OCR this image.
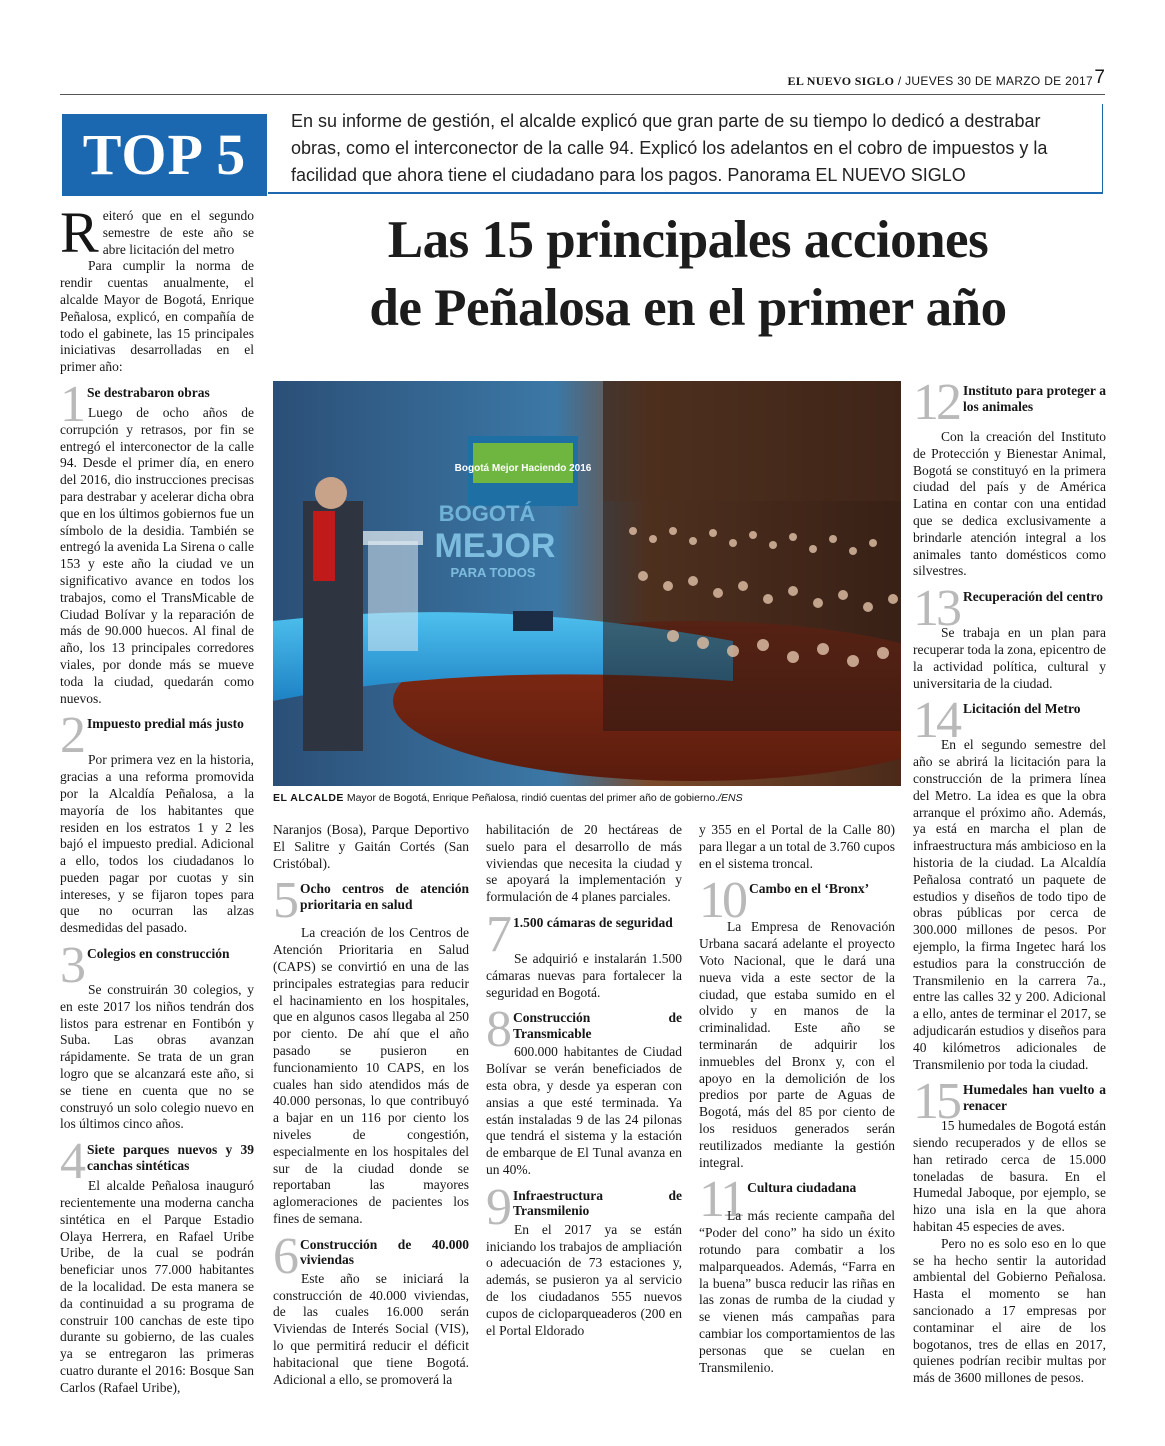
EL NUEVO SIGLO / JUEVES 30 DE MARZO DE 2017 7
TOP 5
En su informe de gestión, el alcalde explicó que gran parte de su tiempo lo dedicó a destrabar obras, como el interconector de la calle 94. Explicó los adelantos en el cobro de impuestos y la facilidad que ahora tiene el ciudadano para los pagos. Panorama EL NUEVO SIGLO
Las 15 principales acciones
de Peñalosa en el primer año

Reiteró que en el segundo semestre de este año se abre licitación del metro

Para cumplir la norma de rendir cuentas anualmente, el alcalde Mayor de Bogotá, Enrique Peñalosa, explicó, en compañía de todo el gabinete, las 15 principales iniciativas desarrolladas en el primer año:

1 Se destrabaron obras

Luego de ocho años de corrupción y retrasos, por fin se entregó el interconector de la calle 94. Desde el primer día, en enero del 2016, dio instrucciones precisas para destrabar y acelerar dicha obra que en los últimos gobiernos fue un símbolo de la desidia. También se entregó la avenida La Sirena o calle 153 y este año la ciudad ve un significativo avance en todos los trabajos, como el TransMicable de Ciudad Bolívar y la reparación de más de 90.000 huecos. Al final de año, los 13 principales corredores viales, por donde más se mueve toda la ciudad, quedarán como nuevos.

2 Impuesto predial más justo

Por primera vez en la historia, gracias a una reforma promovida por la Alcaldía Peñalosa, a la mayoría de los habitantes que residen en los estratos 1 y 2 les bajó el impuesto predial. Adicional a ello, todos los ciudadanos lo pueden pagar por cuotas y sin intereses, y se fijaron topes para que no ocurran las alzas desmedidas del pasado.

3 Colegios en construcción

Se construirán 30 colegios, y en este 2017 los niños tendrán dos listos para estrenar en Fontibón y Suba. Las obras avanzan rápidamente. Se trata de un gran logro que se alcanzará este año, si se tiene en cuenta que no se construyó un solo colegio nuevo en los últimos cinco años.

4 Siete parques nuevos y 39 canchas sintéticas

El alcalde Peñalosa inauguró recientemente una moderna cancha sintética en el Parque Estadio Olaya Herrera, en Rafael Uribe Uribe, de la cual se podrán beneficiar unos 77.000 habitantes de la localidad. De esta manera se da continuidad a su programa de construir 100 canchas de este tipo durante su gobierno, de las cuales ya se entregaron las primeras cuatro durante el 2016: Bosque San Carlos (Rafael Uribe),

Bogotá Mejor Haciendo 2016
BOGOTÁ
MEJOR
PARA TODOS
EL ALCALDE Mayor de Bogotá, Enrique Peñalosa, rindió cuentas del primer año de gobierno./ENS

Naranjos (Bosa), Parque Deportivo El Salitre y Gaitán Cortés (San Cristóbal).

5 Ocho centros de atención prioritaria en salud

La creación de los Centros de Atención Prioritaria en Salud (CAPS) se convirtió en una de las principales estrategias para reducir el hacinamiento en los hospitales, que en algunos casos llegaba al 250 por ciento. De ahí que el año pasado se pusieron en funcionamiento 10 CAPS, en los cuales han sido atendidos más de 40.000 personas, lo que contribuyó a bajar en un 116 por ciento los niveles de congestión, especialmente en los hospitales del sur de la ciudad donde se reportaban las mayores aglomeraciones de pacientes los fines de semana.

6 Construcción de 40.000 viviendas

Este año se iniciará la construcción de 40.000 viviendas, de las cuales 16.000 serán Viviendas de Interés Social (VIS), lo que permitirá reducir el déficit habitacional que tiene Bogotá. Adicional a ello, se promoverá la

habilitación de 20 hectáreas de suelo para el desarrollo de más viviendas que necesita la ciudad y se apoyará la implementación y formulación de 4 planes parciales.

7 1.500 cámaras de seguridad

Se adquirió e instalarán 1.500 cámaras nuevas para fortalecer la seguridad en Bogotá.

8 Construcción de Transmicable

600.000 habitantes de Ciudad Bolívar se verán beneficiados de esta obra, y desde ya esperan con ansias a que esté terminada. Ya están instaladas 9 de las 24 pilonas que tendrá el sistema y la estación de embarque de El Tunal avanza en un 40%.

9 Infraestructura de Transmilenio

En el 2017 ya se están iniciando los trabajos de ampliación o adecuación de 73 estaciones y, además, se pusieron ya al servicio de los ciudadanos 555 nuevos cupos de cicloparqueaderos (200 en el Portal Eldorado

y 355 en el Portal de la Calle 80) para llegar a un total de 3.760 cupos en el sistema troncal.

10 Cambo en el ‘Bronx’

La Empresa de Renovación Urbana sacará adelante el proyecto Voto Nacional, que le dará una nueva vida a este sector de la ciudad, que estaba sumido en el olvido y en manos de la criminalidad. Este año se terminarán de adquirir los inmuebles del Bronx y, con el apoyo en la demolición de los predios por parte de Aguas de Bogotá, más del 85 por ciento de los residuos generados serán reutilizados mediante la gestión integral.

11 Cultura ciudadana

La más reciente campaña del “Poder del cono” ha sido un éxito rotundo para combatir a los malparqueados. Además, “Farra en la buena” busca reducir las riñas en las zonas de rumba de la ciudad y se vienen más campañas para cambiar los comportamientos de las personas que se cuelan en Transmilenio.

12 Instituto para proteger a los animales

Con la creación del Instituto de Protección y Bienestar Animal, Bogotá se constituyó en la primera ciudad del país y de América Latina en contar con una entidad que se dedica exclusivamente a brindarle atención integral a los animales tanto domésticos como silvestres.

13 Recuperación del centro

Se trabaja en un plan para recuperar toda la zona, epicentro de la actividad política, cultural y universitaria de la ciudad.

14 Licitación del Metro

En el segundo semestre del año se abrirá la licitación para la construcción de la primera línea del Metro. La idea es que la obra arranque el próximo año. Además, ya está en marcha el plan de infraestructura más ambicioso en la historia de la ciudad. La Alcaldía Peñalosa contrató un paquete de estudios y diseños de todo tipo de obras públicas por cerca de 300.000 millones de pesos. Por ejemplo, la firma Ingetec hará los estudios para la construcción de Transmilenio en la carrera 7a., entre las calles 32 y 200. Adicional a ello, antes de terminar el 2017, se adjudicarán estudios y diseños para 40 kilómetros adicionales de Transmilenio por toda la ciudad.

15 Humedales han vuelto a renacer

15 humedales de Bogotá están siendo recuperados y de ellos se han retirado cerca de 15.000 toneladas de basura. En el Humedal Jaboque, por ejemplo, se hizo una isla en la que ahora habitan 45 especies de aves.

Pero no es solo eso en lo que se ha hecho sentir la autoridad ambiental del Gobierno Peñalosa. Hasta el momento se han sancionado a 17 empresas por contaminar el aire de los bogotanos, tres de ellas en 2017, quienes podrían recibir multas por más de 3600 millones de pesos.
